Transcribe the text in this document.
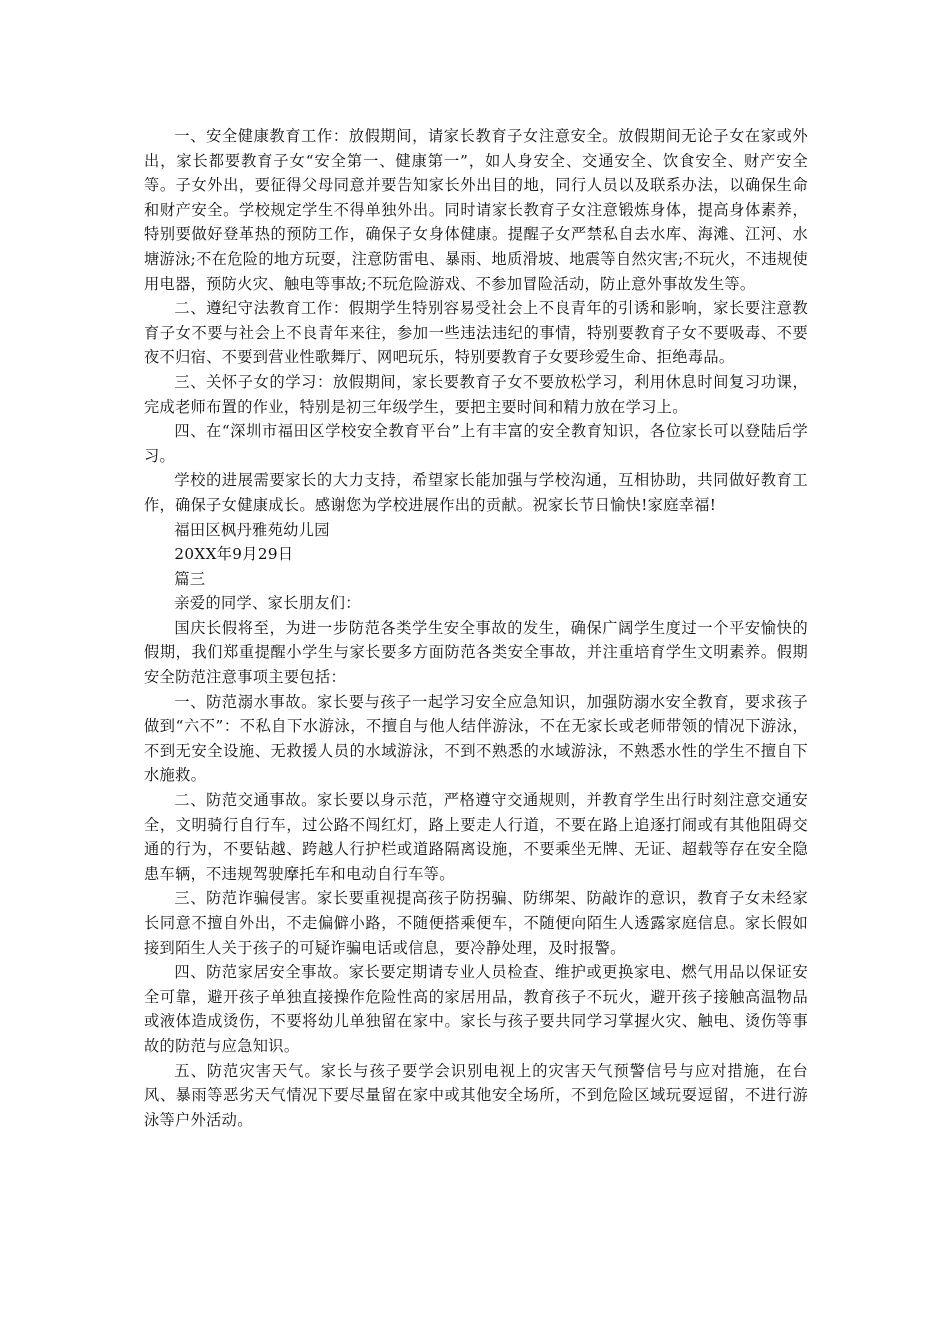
一、安全健康教育工作：放假期间，请家长教育子女注意安全。放假期间无论子女在家或外出，家长都要教育子女“安全第一、健康第一”，如人身安全、交通安全、饮食安全、财产安全等。子女外出，要征得父母同意并要告知家长外出目的地，同行人员以及联系办法，以确保生命和财产安全。学校规定学生不得单独外出。同时请家长教育子女注意锻炼身体，提高身体素养，特别要做好登革热的预防工作，确保子女身体健康。提醒子女严禁私自去水库、海滩、江河、水塘游泳;不在危险的地方玩耍，注意防雷电、暴雨、地质滑坡、地震等自然灾害;不玩火，不违规使用电器，预防火灾、触电等事故;不玩危险游戏、不参加冒险活动，防止意外事故发生等。

二、遵纪守法教育工作：假期学生特别容易受社会上不良青年的引诱和影响，家长要注意教育子女不要与社会上不良青年来往，参加一些违法违纪的事情，特别要教育子女不要吸毒、不要夜不归宿、不要到营业性歌舞厅、网吧玩乐，特别要教育子女要珍爱生命、拒绝毒品。

三、关怀子女的学习：放假期间，家长要教育子女不要放松学习，利用休息时间复习功课，完成老师布置的作业，特别是初三年级学生，要把主要时间和精力放在学习上。

四、在“深圳市福田区学校安全教育平台”上有丰富的安全教育知识，各位家长可以登陆后学习。

学校的进展需要家长的大力支持，希望家长能加强与学校沟通，互相协助，共同做好教育工作，确保子女健康成长。感谢您为学校进展作出的贡献。祝家长节日愉快!家庭幸福!

福田区枫丹雅苑幼儿园

20XX年9月29日

篇三

亲爱的同学、家长朋友们：

国庆长假将至，为进一步防范各类学生安全事故的发生，确保广阔学生度过一个平安愉快的假期，我们郑重提醒小学生与家长要多方面防范各类安全事故，并注重培育学生文明素养。假期安全防范注意事项主要包括：

一、防范溺水事故。家长要与孩子一起学习安全应急知识，加强防溺水安全教育，要求孩子做到“六不”：不私自下水游泳，不擅自与他人结伴游泳，不在无家长或老师带领的情况下游泳，不到无安全设施、无救援人员的水域游泳，不到不熟悉的水域游泳，不熟悉水性的学生不擅自下水施救。

二、防范交通事故。家长要以身示范，严格遵守交通规则，并教育学生出行时刻注意交通安全，文明骑行自行车，过公路不闯红灯，路上要走人行道，不要在路上追逐打闹或有其他阻碍交通的行为，不要钻越、跨越人行护栏或道路隔离设施，不要乘坐无牌、无证、超载等存在安全隐患车辆，不违规驾驶摩托车和电动自行车等。

三、防范诈骗侵害。家长要重视提高孩子防拐骗、防绑架、防敲诈的意识，教育子女未经家长同意不擅自外出，不走偏僻小路，不随便搭乘便车，不随便向陌生人透露家庭信息。家长假如接到陌生人关于孩子的可疑诈骗电话或信息，要冷静处理，及时报警。

四、防范家居安全事故。家长要定期请专业人员检查、维护或更换家电、燃气用品以保证安全可靠，避开孩子单独直接操作危险性高的家居用品，教育孩子不玩火，避开孩子接触高温物品或液体造成烫伤，不要将幼儿单独留在家中。家长与孩子要共同学习掌握火灾、触电、烫伤等事故的防范与应急知识。

五、防范灾害天气。家长与孩子要学会识别电视上的灾害天气预警信号与应对措施，在台风、暴雨等恶劣天气情况下要尽量留在家中或其他安全场所，不到危险区域玩耍逗留，不进行游泳等户外活动。
